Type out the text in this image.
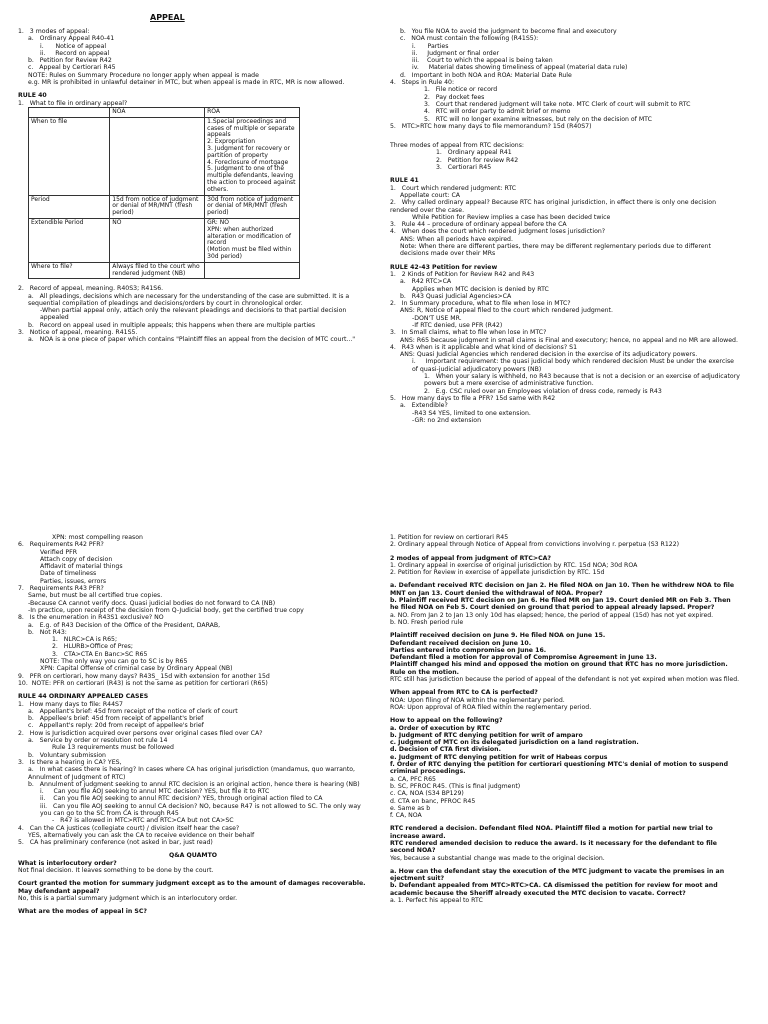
APPEAL
1.   3 modes of appeal:
a.   Ordinary Appeal R40-41
i.      Notice of appeal
ii.     Record on appeal
b.   Petition for Review R42
c.   Appeal by Certiorari R45
NOTE: Rules on Summary Procedure no longer apply when appeal is made
e.g. MR is prohibited in unlawful detainer in MTC, but when appeal is made in RTC, MR is now allowed.
RULE 40
1.   What to file in ordinary appeal?
	NOA	ROA
When to file		1.Special proceedings and cases of multiple or separate appeals
2. Expropriation
3. Judgment for recovery or partition of property
4. Foreclosure of mortgage
5. Judgment to one of the multiple defendants, leaving the action to proceed against others.
Period	15d from notice of judgment or denial of MR/MNT (fresh period)	30d from notice of judgment or denial of MR/MNT (fresh period)
Extendible Period	NO	GR: NO
XPN: when authorized alteration or modification of record
(Motion must be filed within 30d period)
Where to file?	Always filed to the court who rendered judgment (NB)	
2.   Record of appeal, meaning. R40S3; R41S6.
a.   All pleadings, decisions which are necessary for the understanding of the case are submitted. It is a sequential compilation of pleadings and decisions/orders by court in chronological order.
-When partial appeal only, attach only the relevant pleadings and decisions to that partial decision appealed
b.   Record on appeal used in multiple appeals; this happens when there are multiple parties
3.   Notice of appeal, meaning. R41S5.
a.   NOA is a one piece of paper which contains "Plaintiff files an appeal from the decision of MTC court..."
b.   You file NOA to avoid the judgment to become final and executory
c.   NOA must contain the following (R41S5):
i.      Parties
ii.     Judgment or final order
iii.    Court to which the appeal is being taken
iv.     Material dates showing timeliness of appeal (material data rule)
d.   Important in both NOA and ROA: Material Date Rule
4.   Steps in Rule 40:
1.   File notice or record
2.   Pay docket fees
3.   Court that rendered judgment will take note. MTC Clerk of court will submit to RTC
4.   RTC will order party to admit brief or memo
5.   RTC will no longer examine witnesses, but rely on the decision of MTC
5.   MTC>RTC how many days to file memorandum? 15d (R40S7)
Three modes of appeal from RTC decisions:
1.   Ordinary appeal R41
2.   Petition for review R42
3.   Certiorari R45
RULE 41
1.   Court which rendered judgment: RTC
Appellate court: CA
2.   Why called ordinary appeal? Because RTC has original jurisdiction, in effect there is only one decision rendered over the case.
While Petition for Review implies a case has been decided twice
3.   Rule 44 – procedure of ordinary appeal before the CA
4.   When does the court which rendered judgment loses jurisdiction?
ANS: When all periods have expired.
Note: When there are different parties, there may be different reglementary periods due to different decisions made over their MRs
RULE 42-43 Petition for review
1.   2 Kinds of Petition for Review R42 and R43
a.   R42 RTC>CA
Applies when MTC decision is denied by RTC
b.   R43 Quasi Judicial Agencies>CA
2.   In Summary procedure, what to file when lose in MTC?
ANS: R, Notice of appeal filed to the court which rendered judgment.
-DON'T USE MR.
-If RTC denied, use PFR (R42)
3.   In Small claims, what to file when lose in MTC?
ANS: R65 because judgment in small claims is Final and executory; hence, no appeal and no MR are allowed.
4.   R43 when is it applicable and what kind of decisions? S1
ANS: Quasi Judicial Agencies which rendered decision in the exercise of its adjudicatory powers.
i.     Important requirement: the quasi judicial body which rendered decision Must be under the exercise of quasi-judicial adjudicatory powers (NB)
1.   When your salary is withheld, no R43 because that is not a decision or an exercise of adjudicatory powers but a mere exercise of administrative function.
2.   E.g. CSC ruled over an Employees violation of dress code, remedy is R43
5.   How many days to file a PFR? 15d same with R42
a.   Extendible?
-R43 S4 YES, limited to one extension.
-GR: no 2nd extension
XPN: most compelling reason
6.   Requirements R42 PFR?
Verified PFR
Attach copy of decision
Affidavit of material things
Date of timeliness
Parties, issues, errors
7.   Requirements R43 PFR?
Same, but must be all certified true copies.
-Because CA cannot verify docs. Quasi judicial bodies do not forward to CA (NB)
-In practice, upon receipt of the decision from Q-Judicial body, get the certified true copy
8.   Is the enumeration in R43S1 exclusive? NO
a.   E.g. of R43 Decision of the Office of the President, DARAB,
b.   Not R43:
1.   NLRC>CA is R65;
2.   HLURB>Office of Pres;
3.   CTA>CTA En Banc>SC R65
NOTE: The only way you can go to SC is by R65
XPN: Capital Offense of criminal case by Ordinary Appeal (NB)
9.   PFR on certiorari, how many days? R43S_ 15d with extension for another 15d
10.  NOTE: PFR on certiorari (R43) is not the same as petition for certiorari (R65)
RULE 44 ORDINARY APPEALED CASES
1.   How many days to file: R44S7
a.   Appellant's brief: 45d from receipt of the notice of clerk of court
b.   Appellee's brief: 45d from receipt of appellant's brief
c.   Appellant's reply: 20d from receipt of appellee's brief
2.   How is Jurisdiction acquired over persons over original cases filed over CA?
a.   Service by order or resolution not rule 14
Rule 13 requirements must be followed
b.   Voluntary submission
3.   Is there a hearing in CA? YES,
a.   In what cases there is hearing? In cases where CA has original jurisdiction (mandamus, quo warranto, Annulment of Judgment of RTC)
b.   Annulment of judgment seeking to annul RTC decision is an original action, hence there is hearing (NB)
i.     Can you file AOJ seeking to annul MTC decision? YES, but file it to RTC
ii.    Can you file AOJ seeking to annul RTC decision? YES, through original action filed to CA
iii.   Can you file AOJ seeking to annul CA decision? NO, because R47 is not allowed to SC. The only way you can go to the SC from CA is through R45
-   R47 is allowed in MTC>RTC and RTC>CA but not CA>SC
4.   Can the CA justices (collegiate court) / division itself hear the case?
YES, alternatively you can ask the CA to receive evidence on their behalf
5.   CA has preliminary conference (not asked in bar, just read)
Q&A QUAMTO
What is interlocutory order?
Not final decision. It leaves something to be done by the court.
Court granted the motion for summary judgment except as to the amount of damages recoverable. May defendant appeal?
No, this is a partial summary judgment which is an interlocutory order.
What are the modes of appeal in SC?
1. Petition for review on certiorari R45
2. Ordinary appeal through Notice of Appeal from convictions involving r. perpetua (S3 R122)
2 modes of appeal from judgment of RTC>CA?
1. Ordinary appeal in exercise of original jurisdiction by RTC. 15d NOA; 30d ROA
2. Petition for Review in exercise of appellate jurisdiction by RTC. 15d
a. Defendant received RTC decision on Jan 2. He filed NOA on Jan 10. Then he withdrew NOA to file MNT on Jan 13. Court denied the withdrawal of NOA. Proper?
b. Plaintiff received RTC decision on Jan 6. He filed MR on Jan 19. Court denied MR on Feb 3. Then he filed NOA on Feb 5. Court denied on ground that period to appeal already lapsed. Proper?
a. NO. From Jan 2 to Jan 13 only 10d has elapsed; hence, the period of appeal (15d) has not yet expired.
b. NO. Fresh period rule
Plaintiff received decision on June 9. He filed NOA on June 15.
Defendant received decision on June 10.
Parties entered into compromise on June 16.
Defendant filed a motion for approval of Compromise Agreement in June 13.
Plaintiff changed his mind and opposed the motion on ground that RTC has no more jurisdiction. Rule on the motion.
RTC still has jurisdiction because the period of appeal of the defendant is not yet expired when motion was filed.
When appeal from RTC to CA is perfected?
NOA: Upon filing of NOA within the reglementary period.
ROA: Upon approval of ROA filed within the reglementary period.
How to appeal on the following?
a. Order of execution by RTC
b. Judgment of RTC denying petition for writ of amparo
c. Judgment of MTC on its delegated jurisdiction on a land registration.
d. Decision of CTA first division.
e. Judgment of RTC denying petition for writ of Habeas corpus
f. Order of RTC denying the petition for certiorari questioning MTC's denial of motion to suspend criminal proceedings.
a. CA, PFC R65
b. SC, PFROC R45. (This is final judgment)
c. CA, NOA (S34 BP129)
d. CTA en banc, PFROC R45
e. Same as b
f. CA, NOA
RTC rendered a decision. Defendant filed NOA. Plaintiff filed a motion for partial new trial to increase award.
RTC rendered amended decision to reduce the award. Is it necessary for the defendant to file second NOA?
Yes, because a substantial change was made to the original decision.
a. How can the defendant stay the execution of the MTC judgment to vacate the premises in an ejectment suit?
b. Defendant appealed from MTC>RTC>CA. CA dismissed the petition for review for moot and academic because the Sheriff already executed the MTC decision to vacate. Correct?
a. 1. Perfect his appeal to RTC
